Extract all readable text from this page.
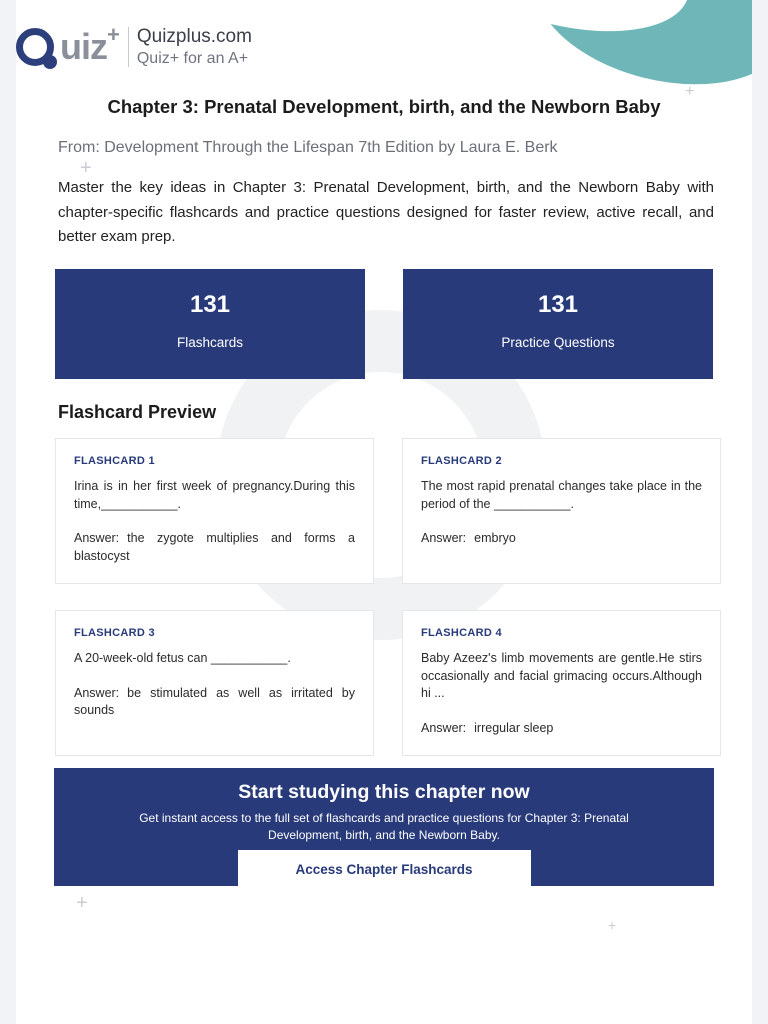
+
+
+
+
uiz + Quizplus.com
Quiz+ for an A+
Chapter 3: Prenatal Development, birth, and the Newborn Baby
From: Development Through the Lifespan 7th Edition by Laura E. Berk

Master the key ideas in Chapter 3: Prenatal Development, birth, and the Newborn Baby with chapter-specific flashcards and practice questions designed for faster review, active recall, and better exam prep.

131
Flashcards
131
Practice Questions
Flashcard Preview
FLASHCARD 1
Irina is in her first week of pregnancy.During this time,___________.
Answer: the zygote multiplies and forms a blastocyst
FLASHCARD 2
The most rapid prenatal changes take place in the period of the ___________.
Answer: embryo
FLASHCARD 3
A 20-week-old fetus can ___________.
Answer: be stimulated as well as irritated by sounds
FLASHCARD 4
Baby Azeez's limb movements are gentle.He stirs occasionally and facial grimacing occurs.Although hi ...
Answer: irregular sleep
Start studying this chapter now
Get instant access to the full set of flashcards and practice questions for Chapter 3: Prenatal Development, birth, and the Newborn Baby.
Access Chapter Flashcards
